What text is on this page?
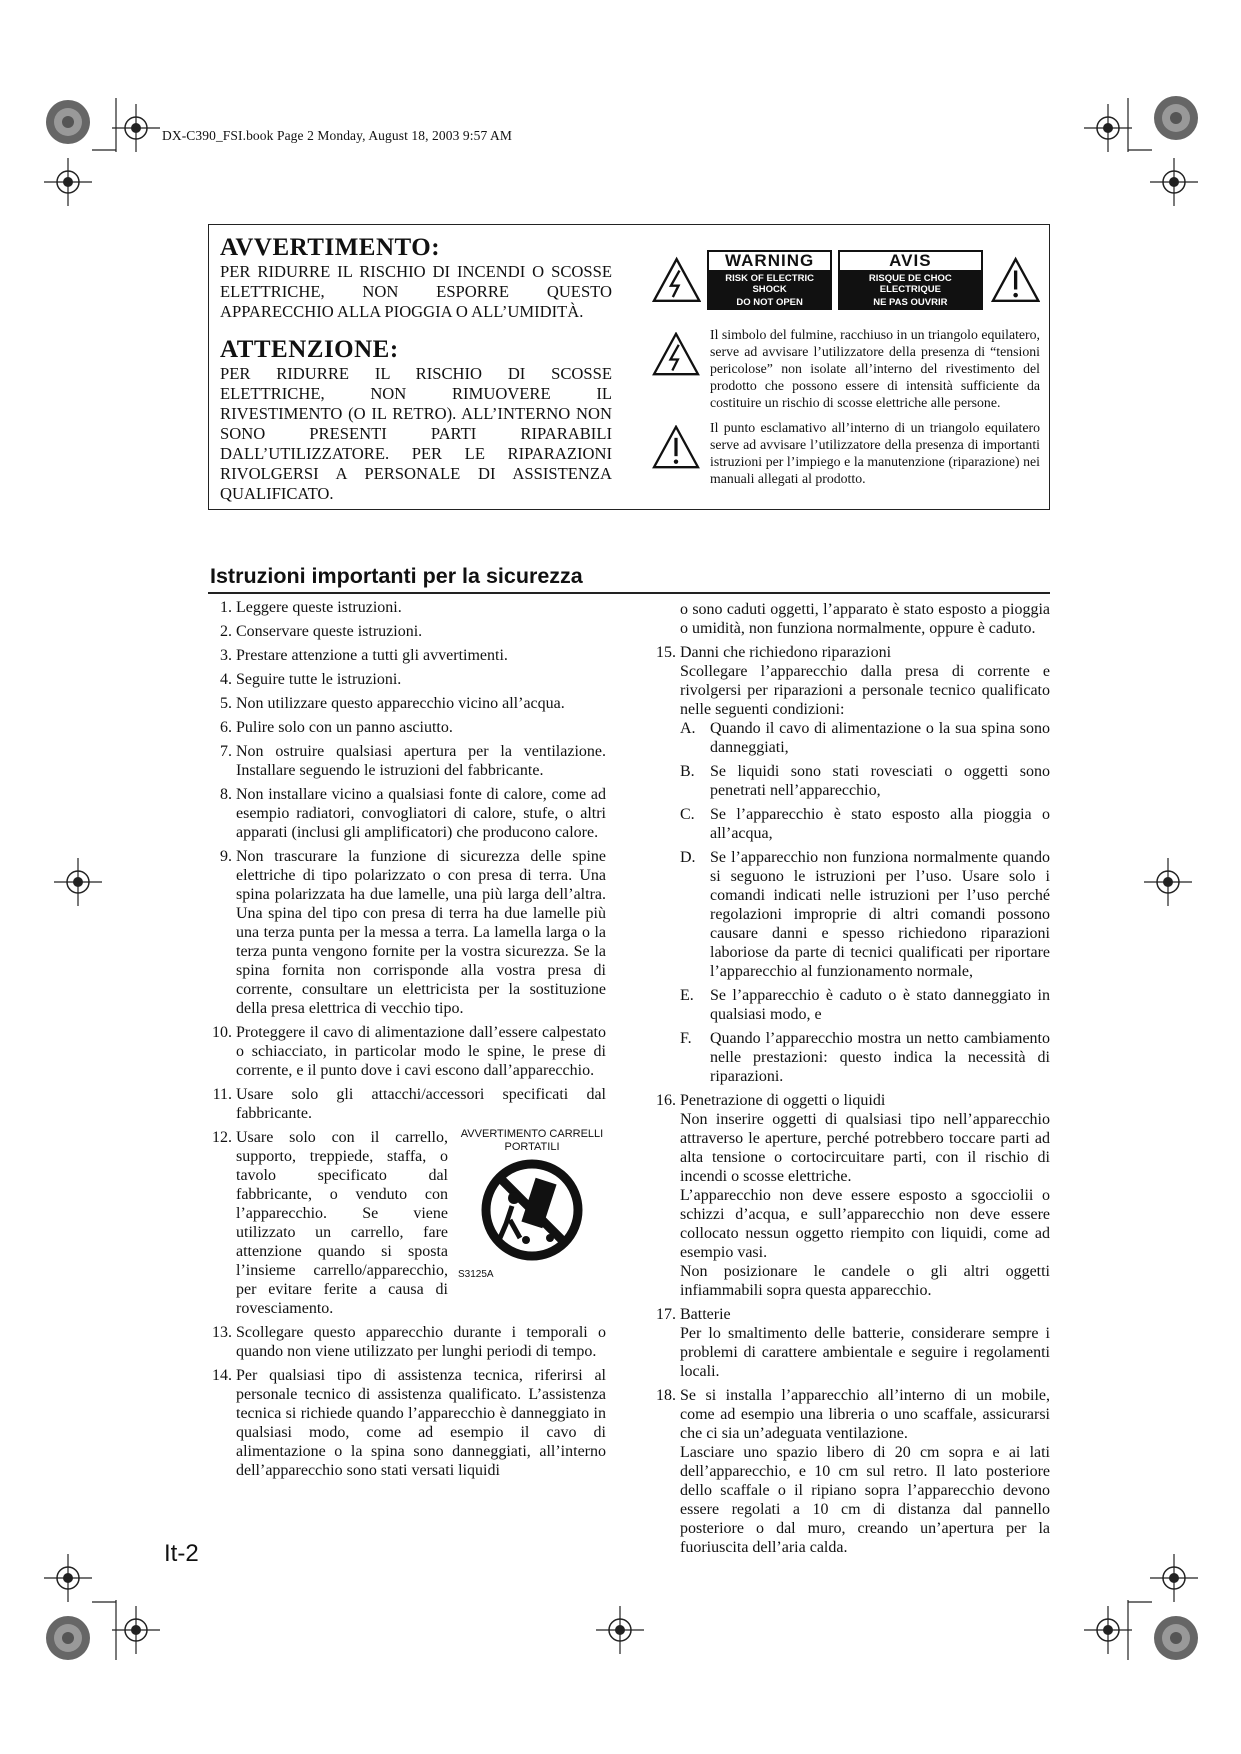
DX-C390_FSI.book Page 2 Monday, August 18, 2003 9:57 AM

AVVERTIMENTO:

PER RIDURRE IL RISCHIO DI INCENDI O SCOSSE ELETTRICHE, NON ESPORRE QUESTO APPARECCHIO ALLA PIOGGIA O ALL’UMIDITÀ.

ATTENZIONE:

PER RIDURRE IL RISCHIO DI SCOSSE ELETTRICHE, NON RIMUOVERE IL RIVESTIMENTO (O IL RETRO). ALL’INTERNO NON SONO PRESENTI PARTI RIPARABILI DALL’UTILIZZATORE. PER LE RIPARAZIONI RIVOLGERSI A PERSONALE DI ASSISTENZA QUALIFICATO.

WARNING
RISK OF ELECTRIC SHOCK
DO NOT OPEN
AVIS
RISQUE DE CHOC ELECTRIQUE
NE PAS OUVRIR

Il simbolo del fulmine, racchiuso in un triangolo equilatero, serve ad avvisare l’utilizzatore della presenza di “tensioni pericolose” non isolate all’interno del rivestimento del prodotto che possono essere di intensità sufficiente da costituire un rischio di scosse elettriche alle persone.

Il punto esclamativo all’interno di un triangolo equilatero serve ad avvisare l’utilizzatore della presenza di importanti istruzioni per l’impiego e la manutenzione (riparazione) nei manuali allegati al prodotto.

Istruzioni importanti per la sicurezza
1. Leggere queste istruzioni.
2. Conservare queste istruzioni.
3. Prestare attenzione a tutti gli avvertimenti.
4. Seguire tutte le istruzioni.
5. Non utilizzare questo apparecchio vicino all’acqua.
6. Pulire solo con un panno asciutto.
7. Non ostruire qualsiasi apertura per la ventilazione. Installare seguendo le istruzioni del fabbricante.
8. Non installare vicino a qualsiasi fonte di calore, come ad esempio radiatori, convogliatori di calore, stufe, o altri apparati (inclusi gli amplificatori) che producono calore.
9. Non trascurare la funzione di sicurezza delle spine elettriche di tipo polarizzato o con presa di terra. Una spina polarizzata ha due lamelle, una più larga dell’altra. Una spina del tipo con presa di terra ha due lamelle più una terza punta per la messa a terra. La lamella larga o la terza punta vengono fornite per la vostra sicurezza. Se la spina fornita non corrisponde alla vostra presa di corrente, consultare un elettricista per la sostituzione della presa elettrica di vecchio tipo.
10. Proteggere il cavo di alimentazione dall’essere calpestato o schiacciato, in particolar modo le spine, le prese di corrente, e il punto dove i cavi escono dall’apparecchio.
11. Usare solo gli attacchi/accessori specificati dal fabbricante.
12.	AVVERTIMENTO CARRELLI PORTATILI
S3125A
Usare solo con il carrello, supporto, treppiede, staffa, o tavolo specificato dal fabbricante, o venduto con l’apparecchio. Se viene utilizzato un carrello, fare attenzione quando si sposta l’insieme carrello/apparecchio, per evitare ferite a causa di rovesciamento.
13. Scollegare questo apparecchio durante i temporali o quando non viene utilizzato per lunghi periodi di tempo.
14. Per qualsiasi tipo di assistenza tecnica, riferirsi al personale tecnico di assistenza qualificato. L’assistenza tecnica si richiede quando l’apparecchio è danneggiato in qualsiasi modo, come ad esempio il cavo di alimentazione o la spina sono danneggiati, all’interno dell’apparecchio sono stati versati liquidi

o sono caduti oggetti, l’apparato è stato esposto a pioggia o umidità, non funziona normalmente, oppure è caduto.

15. Danni che richiedono riparazioni

Scollegare l’apparecchio dalla presa di corrente e rivolgersi per riparazioni a personale tecnico qualificato nelle seguenti condizioni:

A. Quando il cavo di alimentazione o la sua spina sono danneggiati,
B. Se liquidi sono stati rovesciati o oggetti sono penetrati nell’apparecchio,
C. Se l’apparecchio è stato esposto alla pioggia o all’acqua,
D. Se l’apparecchio non funziona normalmente quando si seguono le istruzioni per l’uso. Usare solo i comandi indicati nelle istruzioni per l’uso perché regolazioni improprie di altri comandi possono causare danni e spesso richiedono riparazioni laboriose da parte di tecnici qualificati per riportare l’apparecchio al funzionamento normale,
E. Se l’apparecchio è caduto o è stato danneggiato in qualsiasi modo, e
F. Quando l’apparecchio mostra un netto cambiamento nelle prestazioni: questo indica la necessità di riparazioni.
16. Penetrazione di oggetti o liquidi

Non inserire oggetti di qualsiasi tipo nell’apparecchio attraverso le aperture, perché potrebbero toccare parti ad alta tensione o cortocircuitare parti, con il rischio di incendi o scosse elettriche.

L’apparecchio non deve essere esposto a sgocciolii o schizzi d’acqua, e sull’apparecchio non deve essere collocato nessun oggetto riempito con liquidi, come ad esempio vasi.

Non posizionare le candele o gli altri oggetti infiammabili sopra questa apparecchio.

17. Batterie

Per lo smaltimento delle batterie, considerare sempre i problemi di carattere ambientale e seguire i regolamenti locali.

18. Se si installa l’apparecchio all’interno di un mobile, come ad esempio una libreria o uno scaffale, assicurarsi che ci sia un’adeguata ventilazione.

Lasciare uno spazio libero di 20 cm sopra e ai lati dell’apparecchio, e 10 cm sul retro. Il lato posteriore dello scaffale o il ripiano sopra l’apparecchio devono essere regolati a 10 cm di distanza dal pannello posteriore o dal muro, creando un’apertura per la fuoriuscita dell’aria calda.

It-2
